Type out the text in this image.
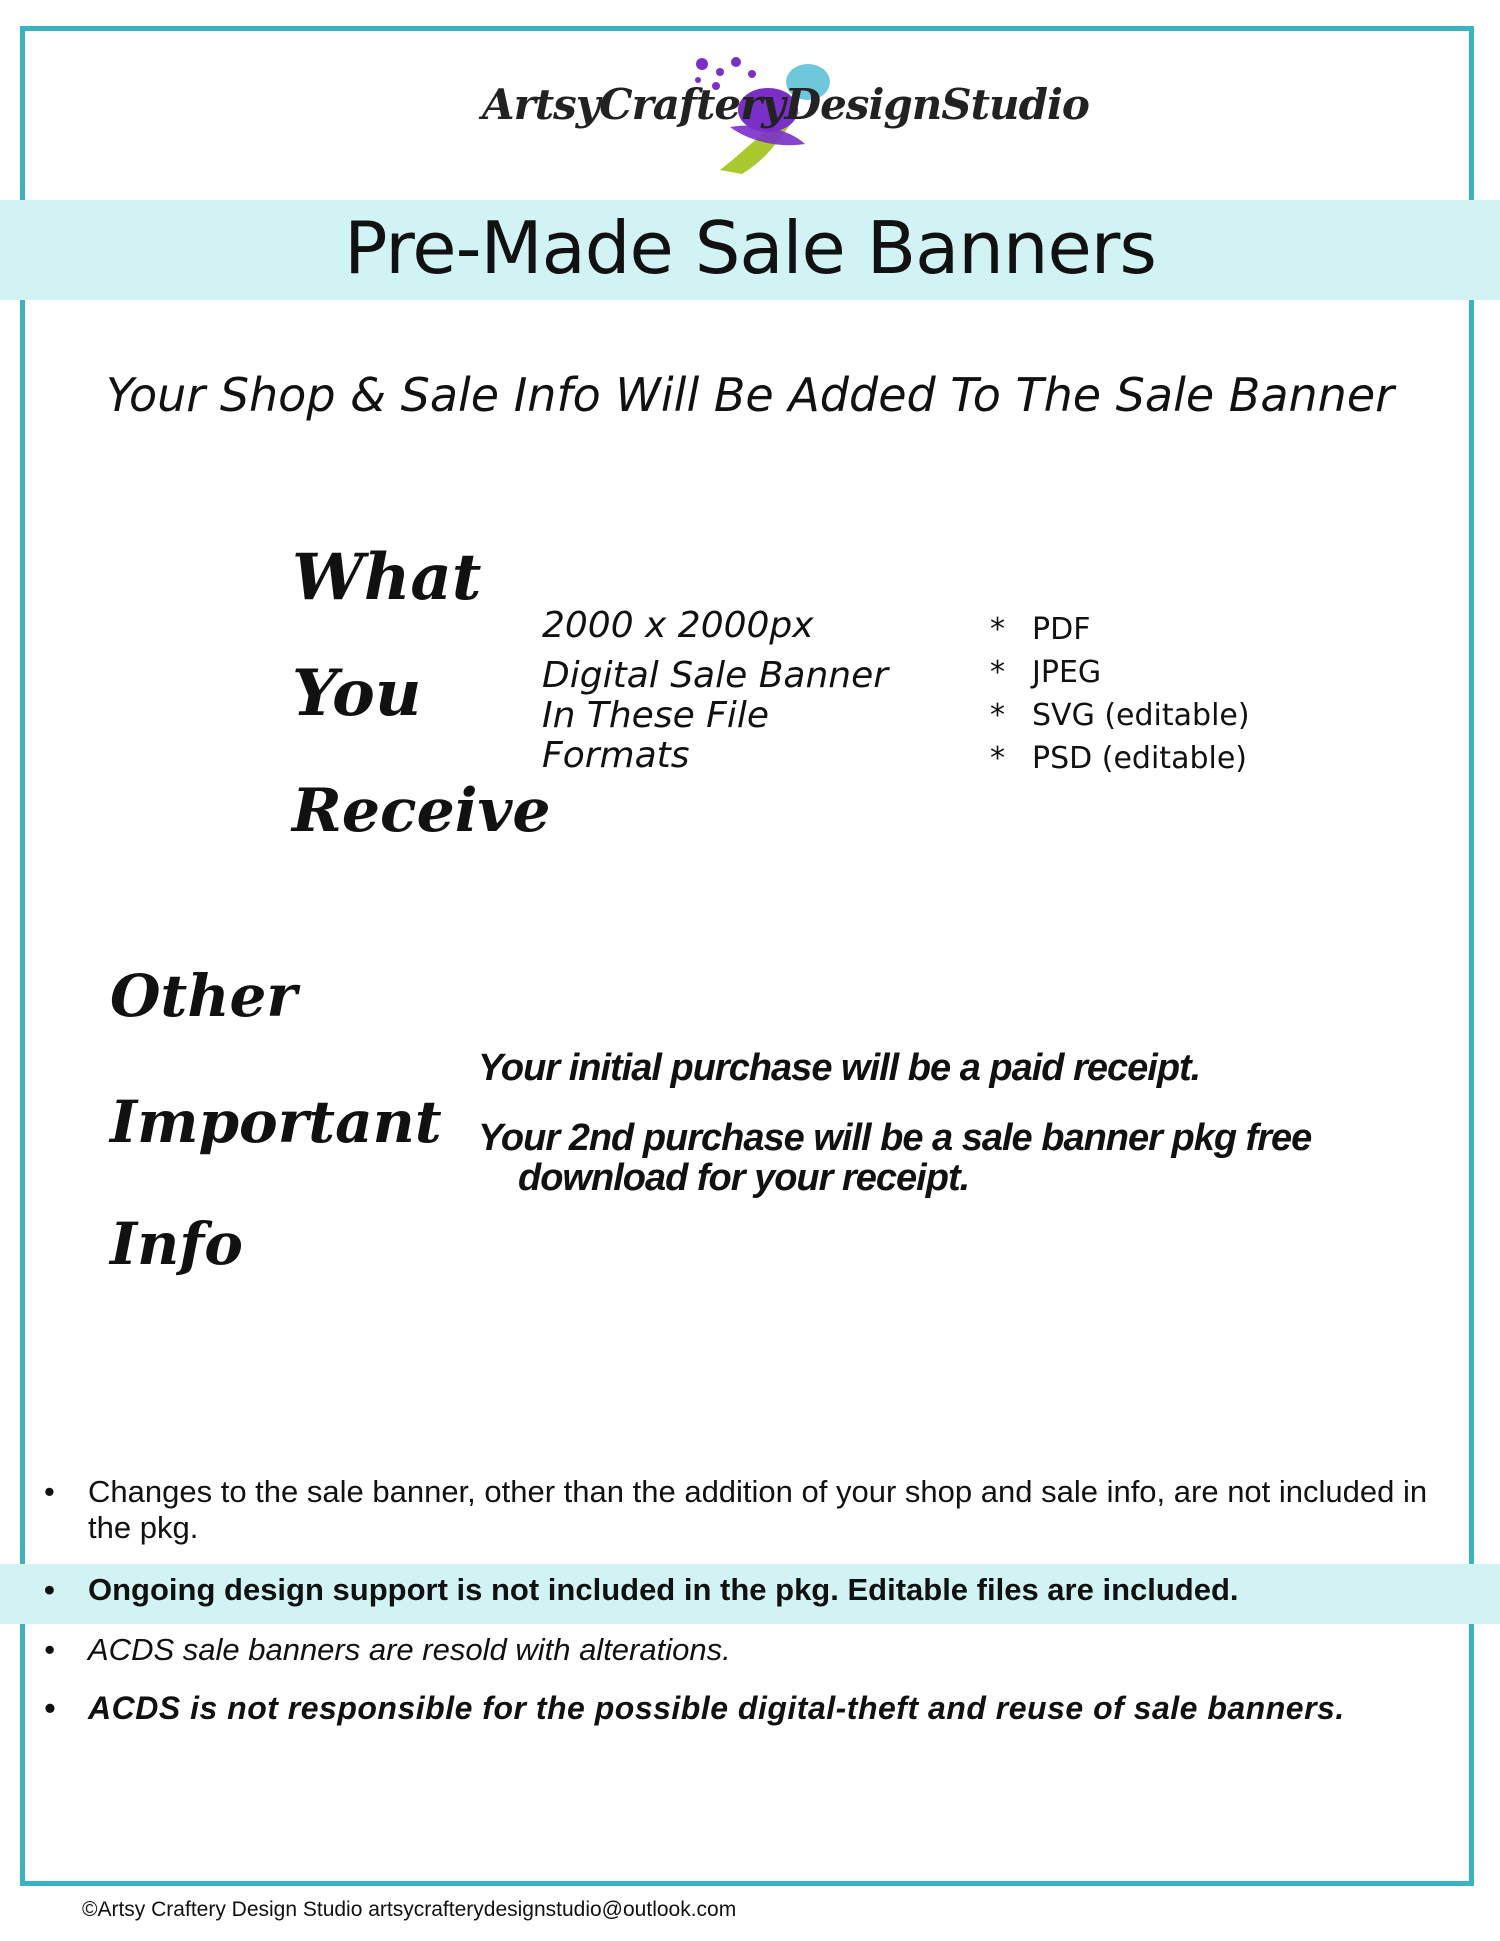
ArtsyCrafteryDesignStudio
Pre-Made Sale Banners
Your Shop & Sale Info Will Be Added To The Sale Banner
What
You
Receive
2000 x 2000px
Digital Sale Banner
In These File
Formats
* PDF
* JPEG
* SVG (editable)
* PSD (editable)
Other
Important
Info

Your initial purchase will be a paid receipt.

Your 2nd purchase will be a sale banner pkg free
download for your receipt.

• Changes to the sale banner, other than the addition of your shop and sale info, are not included in the pkg.
• Ongoing design support is not included in the pkg. Editable files are included.
• ACDS sale banners are resold with alterations.
• ACDS is not responsible for the possible digital-theft and reuse of sale banners.
©Artsy Craftery Design Studio artsycrafterydesignstudio@outlook.com
